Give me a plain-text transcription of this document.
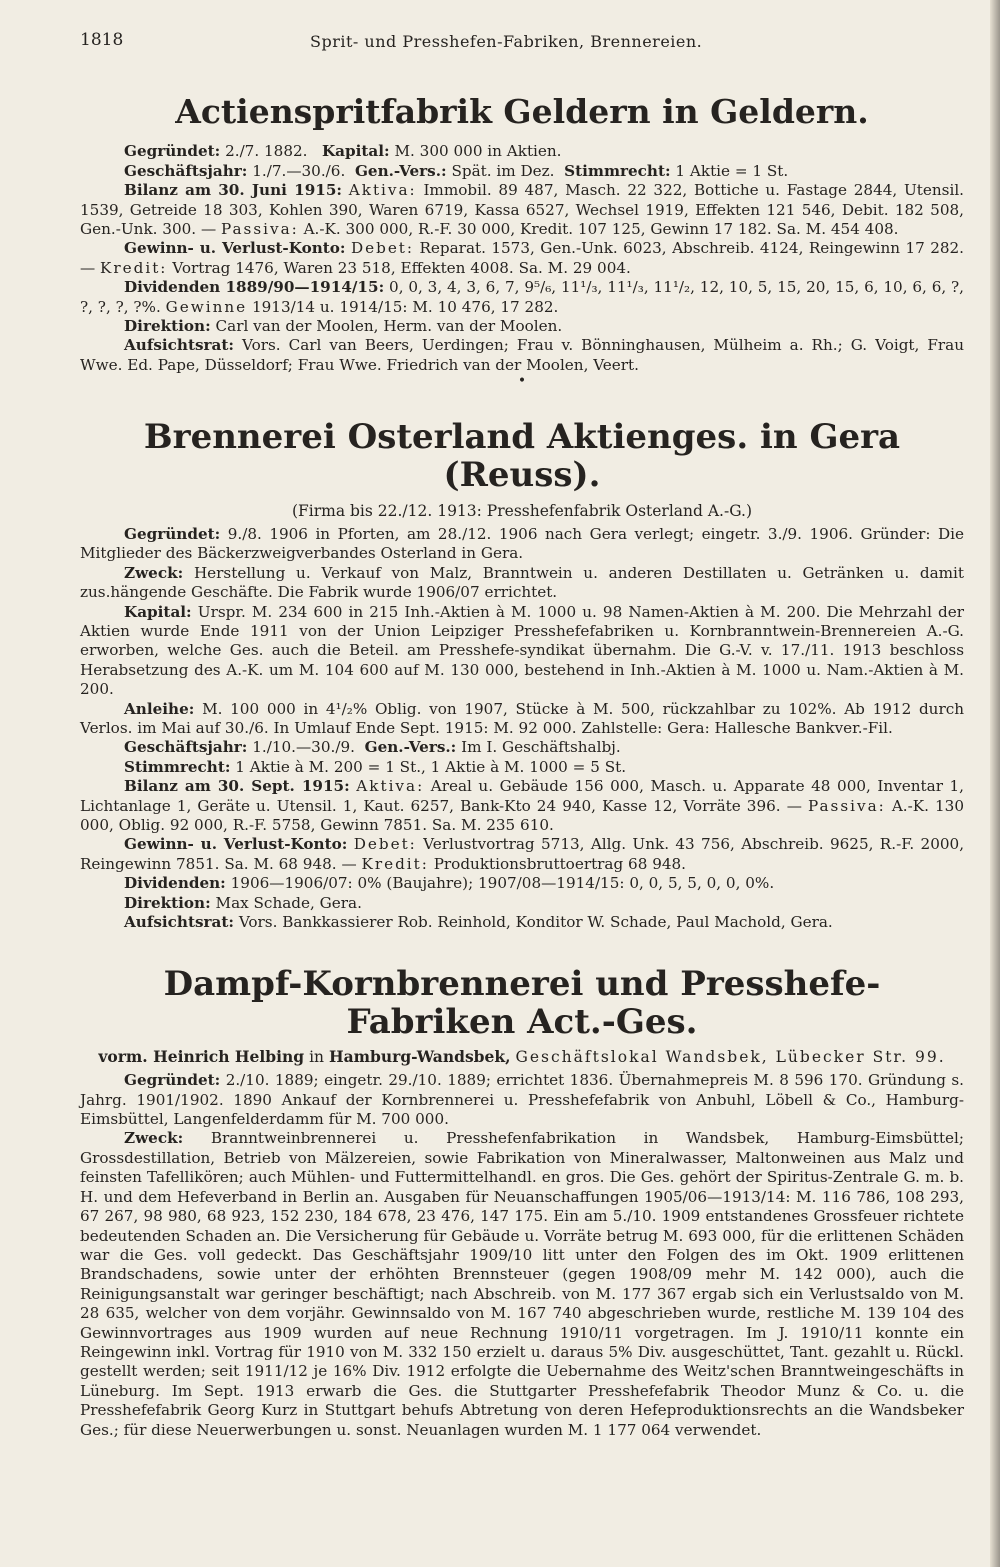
1818	Sprit- und Presshefen-Fabriken, Brennereien.
Actienspritfabrik Geldern in Geldern.

Gegründet: 2./7. 1882. Kapital: M. 300 000 in Aktien.

Geschäftsjahr: 1./7.—30./6. Gen.-Vers.: Spät. im Dez. Stimmrecht: 1 Aktie = 1 St.

Bilanz am 30. Juni 1915: Aktiva: Immobil. 89 487, Masch. 22 322, Bottiche u. Fastage 2844, Utensil. 1539, Getreide 18 303, Kohlen 390, Waren 6719, Kassa 6527, Wechsel 1919, Effekten 121 546, Debit. 182 508, Gen.-Unk. 300. — Passiva: A.-K. 300 000, R.-F. 30 000, Kredit. 107 125, Gewinn 17 182. Sa. M. 454 408.

Gewinn- u. Verlust-Konto: Debet: Reparat. 1573, Gen.-Unk. 6023, Abschreib. 4124, Reingewinn 17 282. — Kredit: Vortrag 1476, Waren 23 518, Effekten 4008. Sa. M. 29 004.

Dividenden 1889/90—1914/15: 0, 0, 3, 4, 3, 6, 7, 9⁵/₆, 11¹/₃, 11¹/₃, 11¹/₂, 12, 10, 5, 15, 20, 15, 6, 10, 6, 6, ?, ?, ?, ?, ?%. Gewinne 1913/14 u. 1914/15: M. 10 476, 17 282.

Direktion: Carl van der Moolen, Herm. van der Moolen.

Aufsichtsrat: Vors. Carl van Beers, Uerdingen; Frau v. Bönninghausen, Mülheim a. Rh.; G. Voigt, Frau Wwe. Ed. Pape, Düsseldorf; Frau Wwe. Friedrich van der Moolen, Veert.

•
Brennerei Osterland Aktienges. in Gera (Reuss).
(Firma bis 22./12. 1913: Presshefenfabrik Osterland A.-G.)

Gegründet: 9./8. 1906 in Pforten, am 28./12. 1906 nach Gera verlegt; eingetr. 3./9. 1906. Gründer: Die Mitglieder des Bäckerzweigverbandes Osterland in Gera.

Zweck: Herstellung u. Verkauf von Malz, Branntwein u. anderen Destillaten u. Getränken u. damit zus.hängende Geschäfte. Die Fabrik wurde 1906/07 errichtet.

Kapital: Urspr. M. 234 600 in 215 Inh.-Aktien à M. 1000 u. 98 Namen-Aktien à M. 200. Die Mehrzahl der Aktien wurde Ende 1911 von der Union Leipziger Presshefefabriken u. Kornbranntwein-Brennereien A.-G. erworben, welche Ges. auch die Beteil. am Presshefe-syndikat übernahm. Die G.-V. v. 17./11. 1913 beschloss Herabsetzung des A.-K. um M. 104 600 auf M. 130 000, bestehend in Inh.-Aktien à M. 1000 u. Nam.-Aktien à M. 200.

Anleihe: M. 100 000 in 4¹/₂% Oblig. von 1907, Stücke à M. 500, rückzahlbar zu 102%. Ab 1912 durch Verlos. im Mai auf 30./6. In Umlauf Ende Sept. 1915: M. 92 000. Zahlstelle: Gera: Hallesche Bankver.-Fil.

Geschäftsjahr: 1./10.—30./9. Gen.-Vers.: Im I. Geschäftshalbj.

Stimmrecht: 1 Aktie à M. 200 = 1 St., 1 Aktie à M. 1000 = 5 St.

Bilanz am 30. Sept. 1915: Aktiva: Areal u. Gebäude 156 000, Masch. u. Apparate 48 000, Inventar 1, Lichtanlage 1, Geräte u. Utensil. 1, Kaut. 6257, Bank-Kto 24 940, Kasse 12, Vorräte 396. — Passiva: A.-K. 130 000, Oblig. 92 000, R.-F. 5758, Gewinn 7851. Sa. M. 235 610.

Gewinn- u. Verlust-Konto: Debet: Verlustvortrag 5713, Allg. Unk. 43 756, Abschreib. 9625, R.-F. 2000, Reingewinn 7851. Sa. M. 68 948. — Kredit: Produktionsbruttoertrag 68 948.

Dividenden: 1906—1906/07: 0% (Baujahre); 1907/08—1914/15: 0, 0, 5, 5, 0, 0, 0%.

Direktion: Max Schade, Gera.

Aufsichtsrat: Vors. Bankkassierer Rob. Reinhold, Konditor W. Schade, Paul Machold, Gera.

Dampf-Kornbrennerei und Presshefe-Fabriken Act.-Ges.
vorm. Heinrich Helbing in Hamburg-Wandsbek, Geschäftslokal Wandsbek, Lübecker Str. 99.

Gegründet: 2./10. 1889; eingetr. 29./10. 1889; errichtet 1836. Übernahmepreis M. 8 596 170. Gründung s. Jahrg. 1901/1902. 1890 Ankauf der Kornbrennerei u. Presshefefabrik von Anbuhl, Löbell & Co., Hamburg-Eimsbüttel, Langenfelderdamm für M. 700 000.

Zweck: Branntweinbrennerei u. Presshefenfabrikation in Wandsbek, Hamburg-Eimsbüttel; Grossdestillation, Betrieb von Mälzereien, sowie Fabrikation von Mineralwasser, Maltonweinen aus Malz und feinsten Tafellikören; auch Mühlen- und Futtermittelhandl. en gros. Die Ges. gehört der Spiritus-Zentrale G. m. b. H. und dem Hefeverband in Berlin an. Ausgaben für Neuanschaffungen 1905/06—1913/14: M. 116 786, 108 293, 67 267, 98 980, 68 923, 152 230, 184 678, 23 476, 147 175. Ein am 5./10. 1909 entstandenes Grossfeuer richtete bedeutenden Schaden an. Die Versicherung für Gebäude u. Vorräte betrug M. 693 000, für die erlittenen Schäden war die Ges. voll gedeckt. Das Geschäftsjahr 1909/10 litt unter den Folgen des im Okt. 1909 erlittenen Brandschadens, sowie unter der erhöhten Brennsteuer (gegen 1908/09 mehr M. 142 000), auch die Reinigungsanstalt war geringer beschäftigt; nach Abschreib. von M. 177 367 ergab sich ein Verlustsaldo von M. 28 635, welcher von dem vorjähr. Gewinnsaldo von M. 167 740 abgeschrieben wurde, restliche M. 139 104 des Gewinnvortrages aus 1909 wurden auf neue Rechnung 1910/11 vorgetragen. Im J. 1910/11 konnte ein Reingewinn inkl. Vortrag für 1910 von M. 332 150 erzielt u. daraus 5% Div. ausgeschüttet, Tant. gezahlt u. Rückl. gestellt werden; seit 1911/12 je 16% Div. 1912 erfolgte die Uebernahme des Weitz'schen Branntweingeschäfts in Lüneburg. Im Sept. 1913 erwarb die Ges. die Stuttgarter Presshefefabrik Theodor Munz & Co. u. die Presshefefabrik Georg Kurz in Stuttgart behufs Abtretung von deren Hefeproduktionsrechts an die Wandsbeker Ges.; für diese Neuerwerbungen u. sonst. Neuanlagen wurden M. 1 177 064 verwendet.
